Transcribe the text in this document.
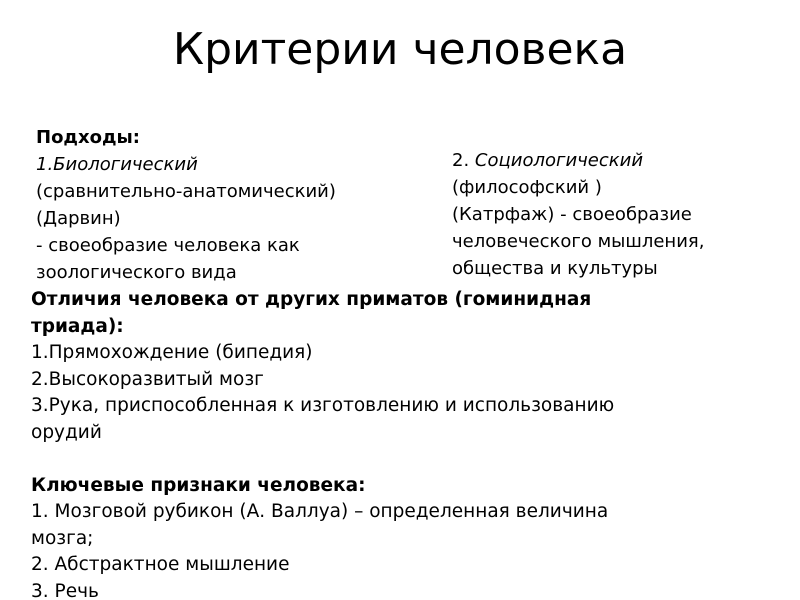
Критерии человека
Подходы:
1.Биологический
(сравнительно-анатомический)
(Дарвин)
- своеобразие человека как
зоологического вида
2. Социологический
(философский )
(Катрфаж) - своеобразие
человеческого мышления,
общества и культуры
Отличия человека от других приматов (гоминидная
триада):
1.Прямохождение (бипедия)
2.Высокоразвитый мозг
3.Рука, приспособленная к изготовлению и использованию
орудий
Ключевые признаки человека:
1. Мозговой рубикон (А. Валлуа) – определенная величина
мозга;
2. Абстрактное мышление
3. Речь
